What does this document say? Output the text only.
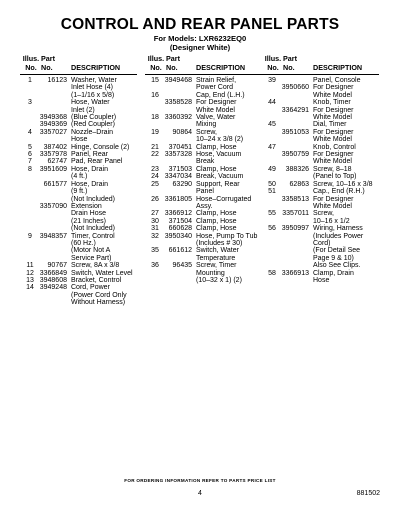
CONTROL AND REAR PANEL PARTS
For Models: LXR6232EQ0
(Designer White)
Illus.
No.
Part
No.	DESCRIPTION
1	16123 Washer, Water
Inlet Hose (4)
(1–1/16 x 5/8)
3	Hose, Water
Inlet (2)
3949368 (Blue Coupler)
3949369 (Red Coupler)
4	3357027 Nozzle–Drain
Hose
5	387402 Hinge, Console (2)
6	3357978 Panel, Rear
7	62747 Pad, Rear Panel
8	3951609 Hose, Drain
(4 ft.)
661577 Hose, Drain
(9 ft.)
(Not Included)
3357090 Extension
Drain Hose
(21 Inches)
(Not Included)
9	3948357 Timer, Control
(60 Hz.)
(Motor Not A
Service Part)
11	90767 Screw, 8A x 3/8
12 3366849 Switch, Water Level
13 3948608 Bracket, Control
14 3949248 Cord, Power
(Power Cord Only
Without Harness)
Illus.
No.
Part
No.	DESCRIPTION
15 3949468 Strain Relief,
Power Cord
16	Cap, End (L.H.)
3358528 For Designer
White Model
18 3360392 Valve, Water
Mixing
19	90864 Screw,
10–24 x 3/8 (2)
21	370451 Clamp, Hose
22 3357328 Hose, Vacuum
Break
23	371503 Clamp, Hose
24 3347034 Break, Vacuum
25	63290 Support, Rear
Panel
26 3361805 Hose–Corrugated
Assy.
27 3366912 Clamp, Hose
30	371504 Clamp, Hose
31	660628 Clamp, Hose
32 3950340 Hose, Pump To Tub
(Includes # 30)
35	661612 Switch, Water
Temperature
36	96435 Screw, Timer
Mounting
(10–32 x 1) (2)
Illus.
No.
Part
No.	DESCRIPTION
39	Panel, Console
3950660 For Designer
White Model
44	Knob, Timer
3364291 For Designer
White Model
45	Dial, Timer
3951053 For Designer
White Model
47	Knob, Control
3950759 For Designer
White Model
49	388326 Screw, 8–18
(Panel to Top)
50	62863 Screw, 10–16 x 3/8
51	Cap., End (R.H.)
3358513 For Designer
White Model
55 3357011 Screw,
10–16 x 1/2
56 3950997 Wiring, Harness
(Includes Power
Cord)
(For Detail See
Page 9 & 10)
Also See Clips.
58 3366913 Clamp, Drain
Hose
FOR ORDERING INFORMATION REFER TO PARTS PRICE LIST
4	881502
